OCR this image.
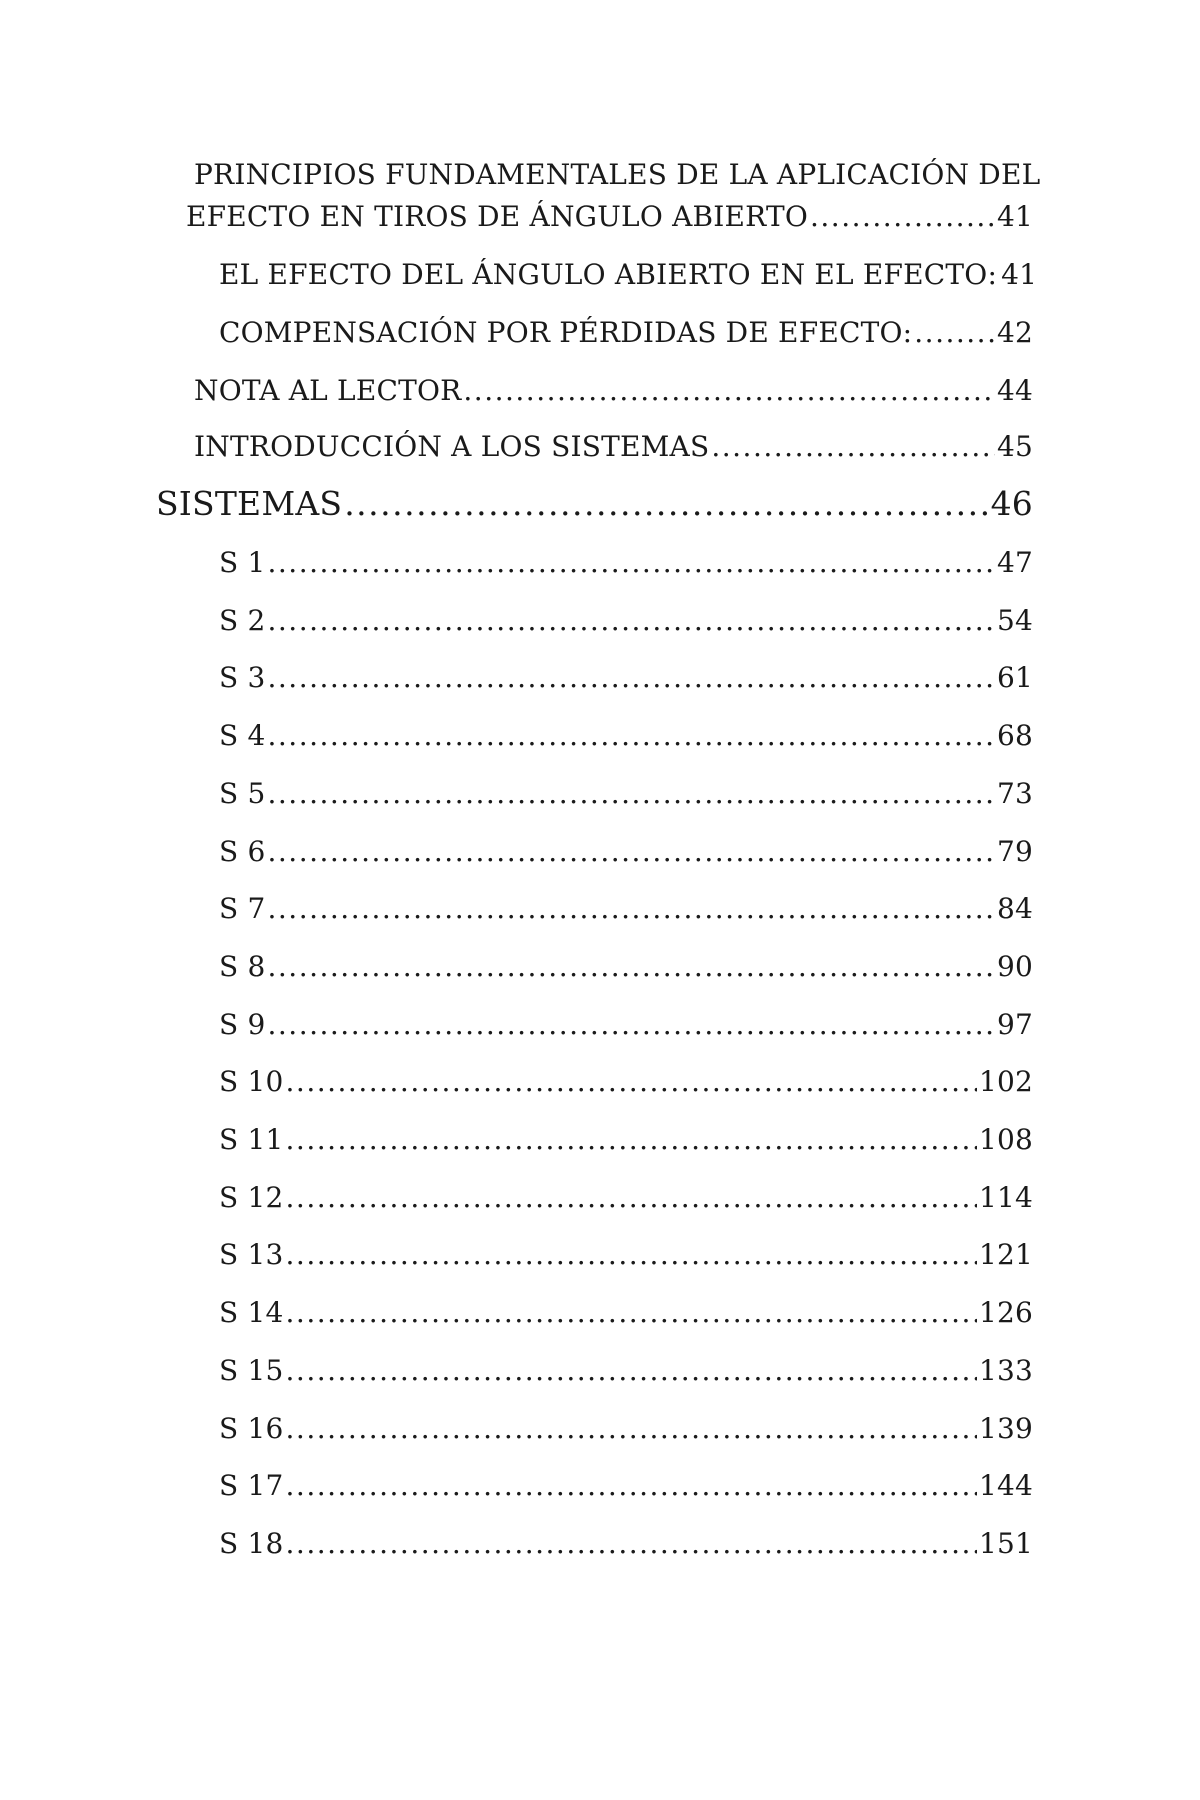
PRINCIPIOS FUNDAMENTALES DE LA APLICACIÓN DEL
EFECTO EN TIROS DE ÁNGULO ABIERTO .....	41
EL EFECTO DEL ÁNGULO ABIERTO EN EL EFECTO: 41
COMPENSACIÓN POR PÉRDIDAS DE EFECTO: .....	42
NOTA AL LECTOR .....	44
INTRODUCCIÓN A LOS SISTEMAS .....	45
SISTEMAS .....	46
S 1 .....	47
S 2 .....	54
S 3 .....	61
S 4 .....	68
S 5 .....	73
S 6 .....	79
S 7 .....	84
S 8 .....	90
S 9 .....	97
S 10 .....	102
S 11 .....	108
S 12 .....	114
S 13 .....	121
S 14 .....	126
S 15 .....	133
S 16 .....	139
S 17 .....	144
S 18 .....	151
